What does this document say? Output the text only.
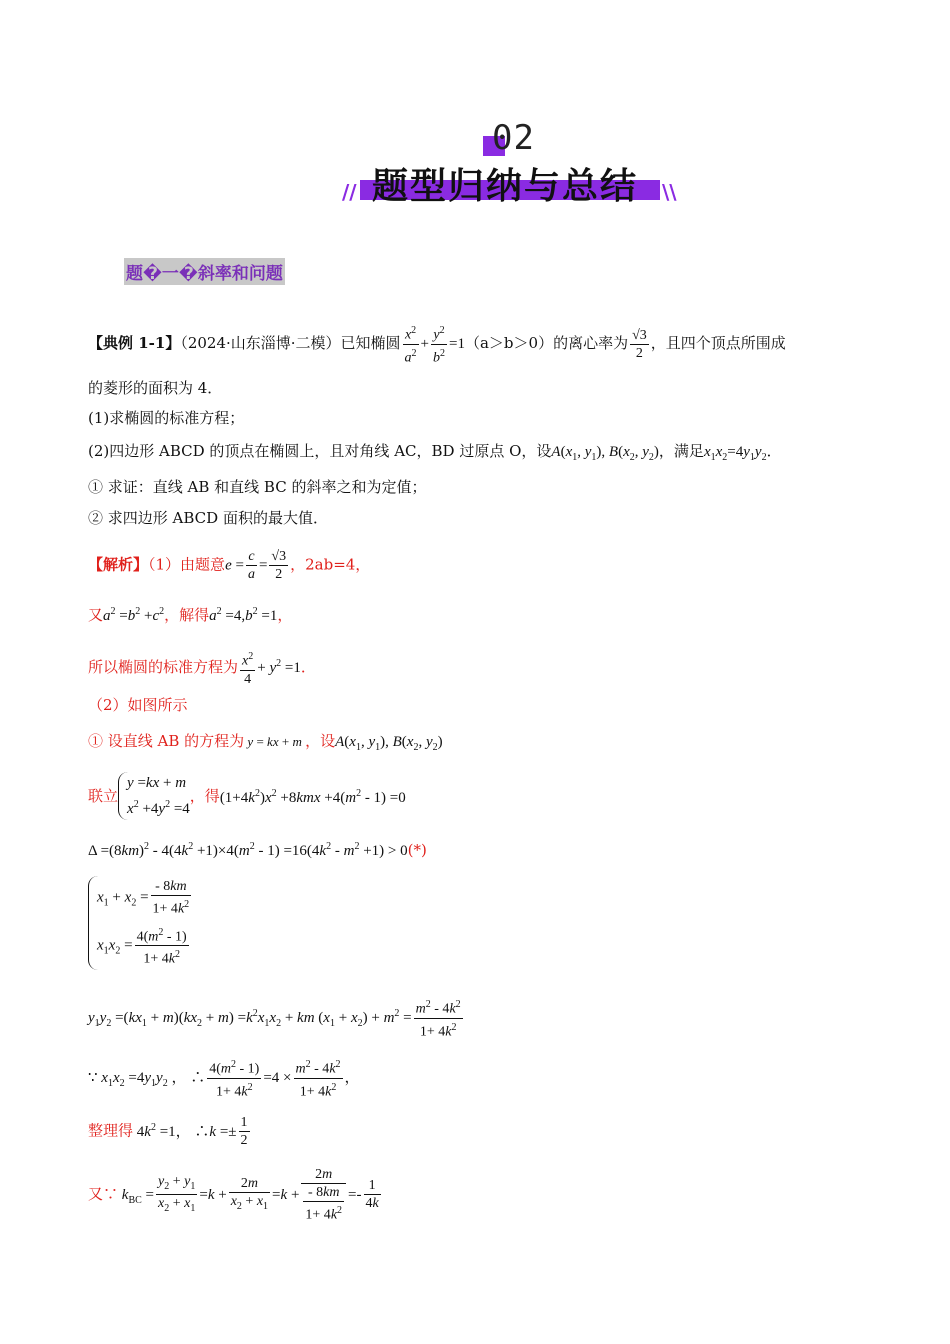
02
题型归纳与总结
//	\\
题�一�斜率和问题
【典例 1-1】（2024·山东淄博·二模）已知椭圆 $\frac{x^2}{a^2} + \frac{y^2}{b^2} =1(a>b>0)$的离心率为 $\frac{√3}{2}$ ，且四个顶点所围成
的菱形的面积为 4．
(1)求椭圆的标准方程；
(2)四边形 ABCD 的顶点在椭圆上，且对角线 AC，BD 过原点 O，设$A(x_1$, $y_1$), $B(x_2$, $y_2$)，满足$x_1x_2=4y_1y_2$．
① 求证：直线 AB 和直线 BC 的斜率之和为定值；
② 求四边形 ABCD 面积的最大值．
【解析】（1）由题意$e = \frac{c}{a} = \frac{√3}{2}$ ，2ab=4，
又$a^2 =b^2 +c^2$，解得$a^2 =4,b^2 =1$，
所以椭圆的标准方程为 $\frac{x^2}{4} + y^2 =1$．
（2）如图所示
① 设直线 AB 的方程为 y = kx + m ，设$A(x_1$, $y_1$), $B(x_2$, $y_2$)
联立
y =kx + m
$x^2 +4y^2 =4$
，得$(1+4k^2)x^2 +8kmx +4(m^2 - 1) =0$
$\Delta =(8km)^2 - 4(4k^2 +1)\times 4(m^2 - 1) =16(4k^2 - m^2 +1) > 0(*)$
$x_1 + x_2 = \frac{- 8km}{1+ 4k^2}$
$x_1x_2 = \frac{4(m^2 - 1)}{1+ 4k^2}$
$y_1y_2 =(kx_1 + m)(kx_2 + m) =k^2x_1x_2$ + km $(x_1 + x_2) + m^2 = \frac{m^2 - 4k^2}{1+ 4k^2}$
∵ $x_1x_2 =4y_1y_2$ ， ∴ $\frac{4(m^2 - 1)}{1+ 4k^2} =4 \times \frac{m^2 - 4k^2}{1+ 4k^2}$ ，
整理得 $4k^2 =1$， ∴k =± $\frac{1}{2}$
又∵ $k_{BC} = \frac{y_2 + y_1}{x_2 + x_1} =k + \frac{2m}{x_2 + x_1} =k + \frac{2m}{\frac{- 8km}{1+ 4k^2}} =- \frac{1}{4k}$
